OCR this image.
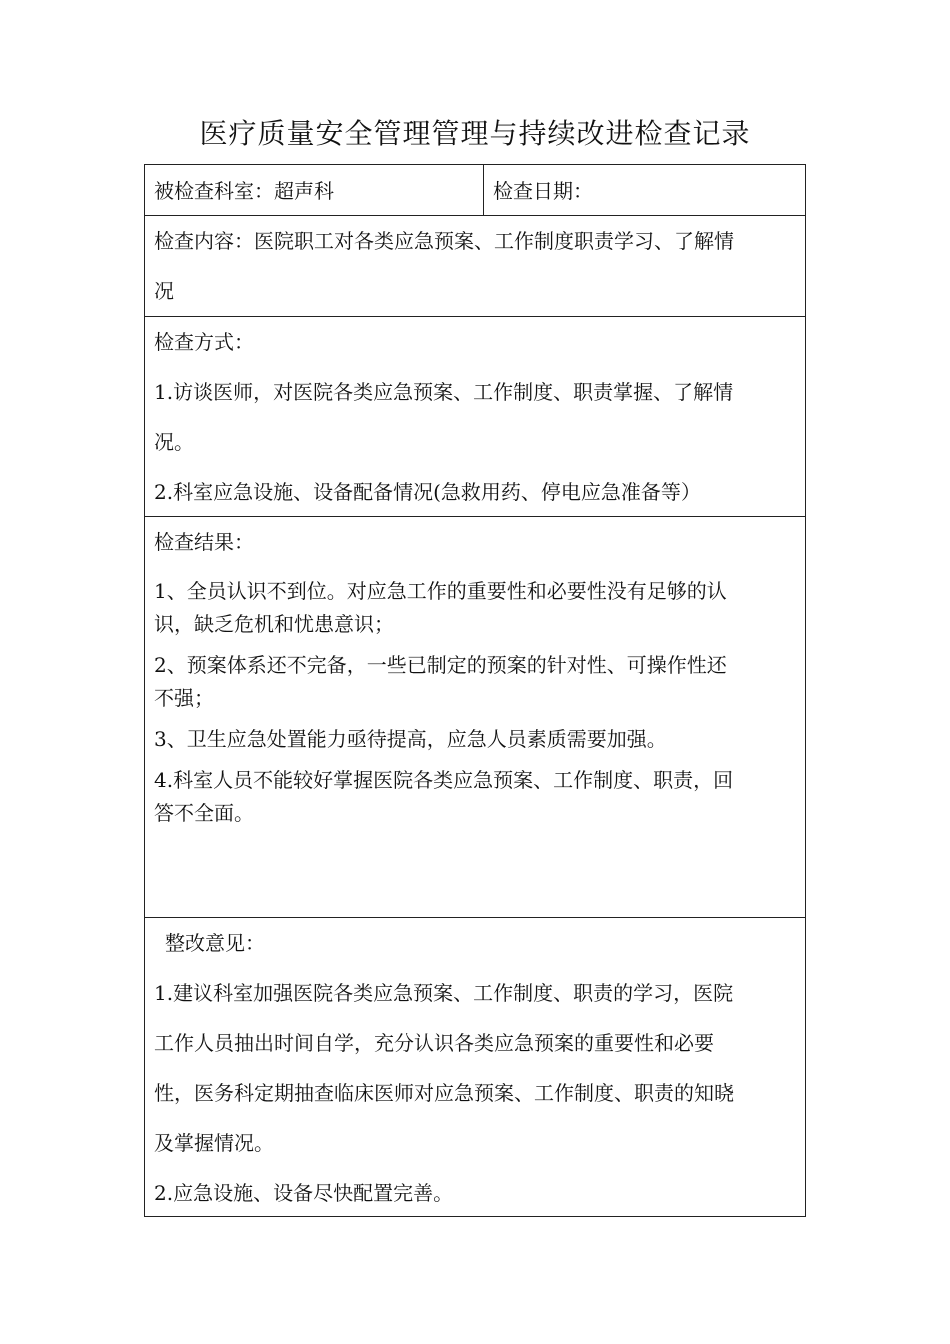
医疗质量安全管理管理与持续改进检查记录
被检查科室：超声科	检查日期：
检查内容：医院职工对各类应急预案、工作制度职责学习、了解情
况
检查方式：
1.访谈医师，对医院各类应急预案、工作制度、职责掌握、了解情
况。
2.科室应急设施、设备配备情况(急救用药、停电应急准备等）
检查结果：
1、全员认识不到位。对应急工作的重要性和必要性没有足够的认
识，缺乏危机和忧患意识；
2、预案体系还不完备，一些已制定的预案的针对性、可操作性还
不强；
3、卫生应急处置能力亟待提高，应急人员素质需要加强。
4.科室人员不能较好掌握医院各类应急预案、工作制度、职责，回
答不全面。
整改意见：
1.建议科室加强医院各类应急预案、工作制度、职责的学习，医院
工作人员抽出时间自学，充分认识各类应急预案的重要性和必要
性，医务科定期抽查临床医师对应急预案、工作制度、职责的知晓
及掌握情况。
2.应急设施、设备尽快配置完善。
